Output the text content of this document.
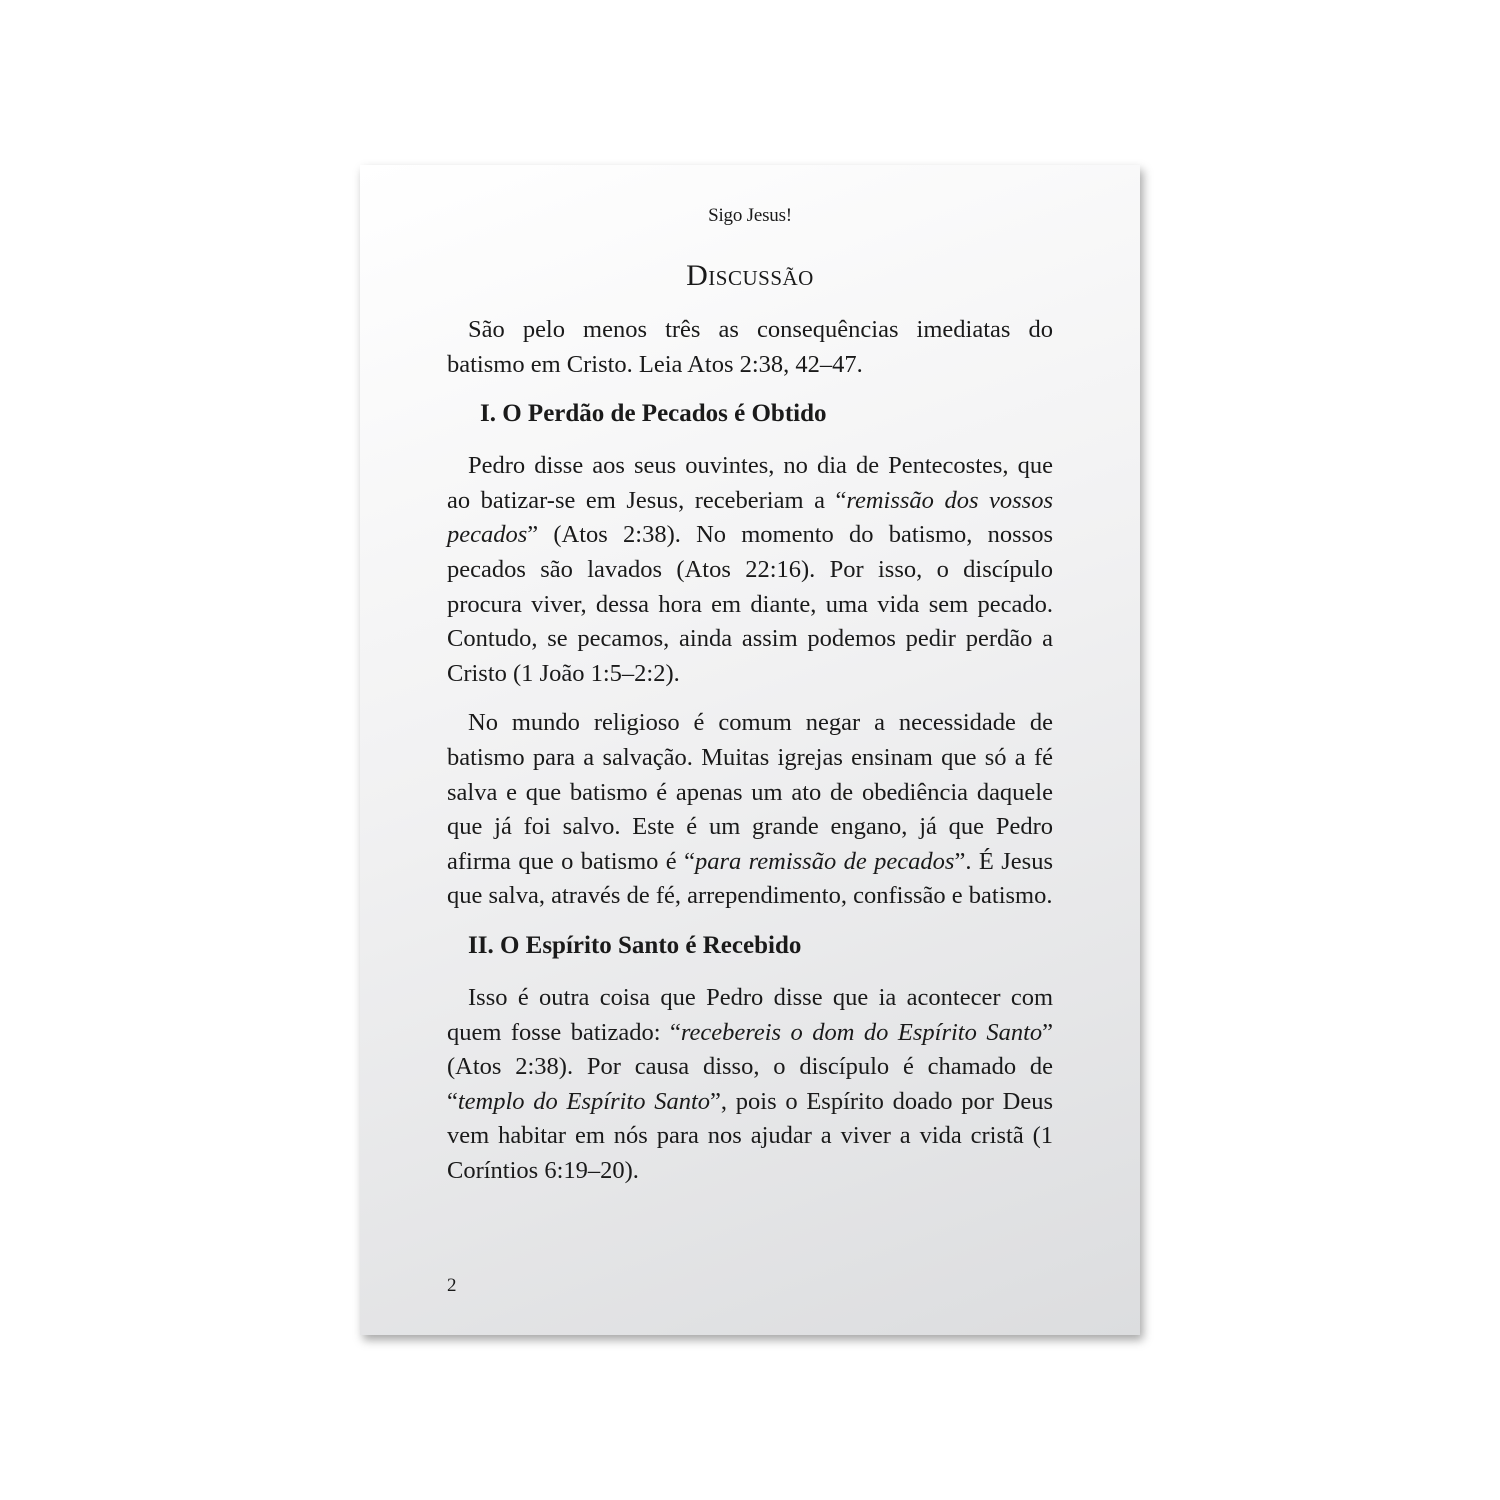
Sigo Jesus!
Discussão

São pelo menos três as consequências imediatas do batismo em Cristo. Leia Atos 2:38, 42–47.

I. O Perdão de Pecados é Obtido

Pedro disse aos seus ouvintes, no dia de Pentecostes, que ao batizar-se em Jesus, receberiam a “remissão dos vossos pecados” (Atos 2:38). No momento do batismo, nossos pecados são lavados (Atos 22:16). Por isso, o discípulo procura viver, dessa hora em diante, uma vida sem pecado. Contudo, se pecamos, ainda assim podemos pedir perdão a Cristo (1 João 1:5–2:2).

No mundo religioso é comum negar a necessidade de batismo para a salvação. Muitas igrejas ensinam que só a fé salva e que batismo é apenas um ato de obediência daquele que já foi salvo. Este é um grande engano, já que Pedro afirma que o batismo é “para remissão de pecados”. É Jesus que salva, através de fé, arrependimento, confissão e batismo.

II. O Espírito Santo é Recebido

Isso é outra coisa que Pedro disse que ia acontecer com quem fosse batizado: “recebereis o dom do Espírito Santo” (Atos 2:38). Por causa disso, o discípulo é chamado de “templo do Espírito Santo”, pois o Espírito doado por Deus vem habitar em nós para nos ajudar a viver a vida cristã (1 Coríntios 6:19–20).

2
